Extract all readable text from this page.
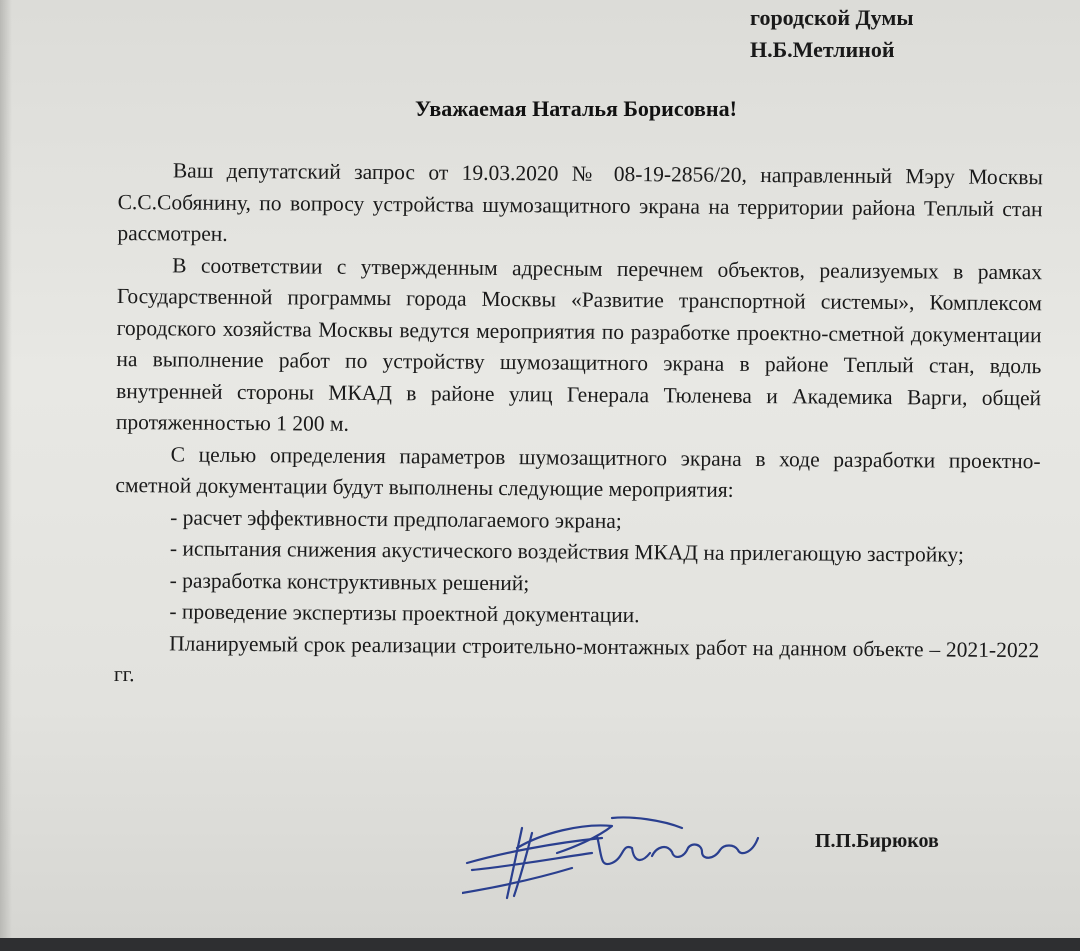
городской Думы
Н.Б.Метлиной
Уважаемая Наталья Борисовна!

Ваш депутатский запрос от 19.03.2020 № 08-19-2856/20, направленный Мэру Москвы С.С.Собянину, по вопросу устройства шумозащитного экрана на территории района Теплый стан рассмотрен.

В соответствии с утвержденным адресным перечнем объектов, реализуемых в рамках Государственной программы города Москвы «Развитие транспортной системы», Комплексом городского хозяйства Москвы ведутся мероприятия по разработке проектно-сметной документации на выполнение работ по устройству шумозащитного экрана в районе Теплый стан, вдоль внутренней стороны МКАД в районе улиц Генерала Тюленева и Академика Варги, общей протяженностью 1 200 м.

С целью определения параметров шумозащитного экрана в ходе разработки проектно-сметной документации будут выполнены следующие мероприятия:

- расчет эффективности предполагаемого экрана;

- испытания снижения акустического воздействия МКАД на прилегающую застройку;

- разработка конструктивных решений;

- проведение экспертизы проектной документации.

Планируемый срок реализации строительно-монтажных работ на данном объекте – 2021-2022 гг.

П.П.Бирюков
